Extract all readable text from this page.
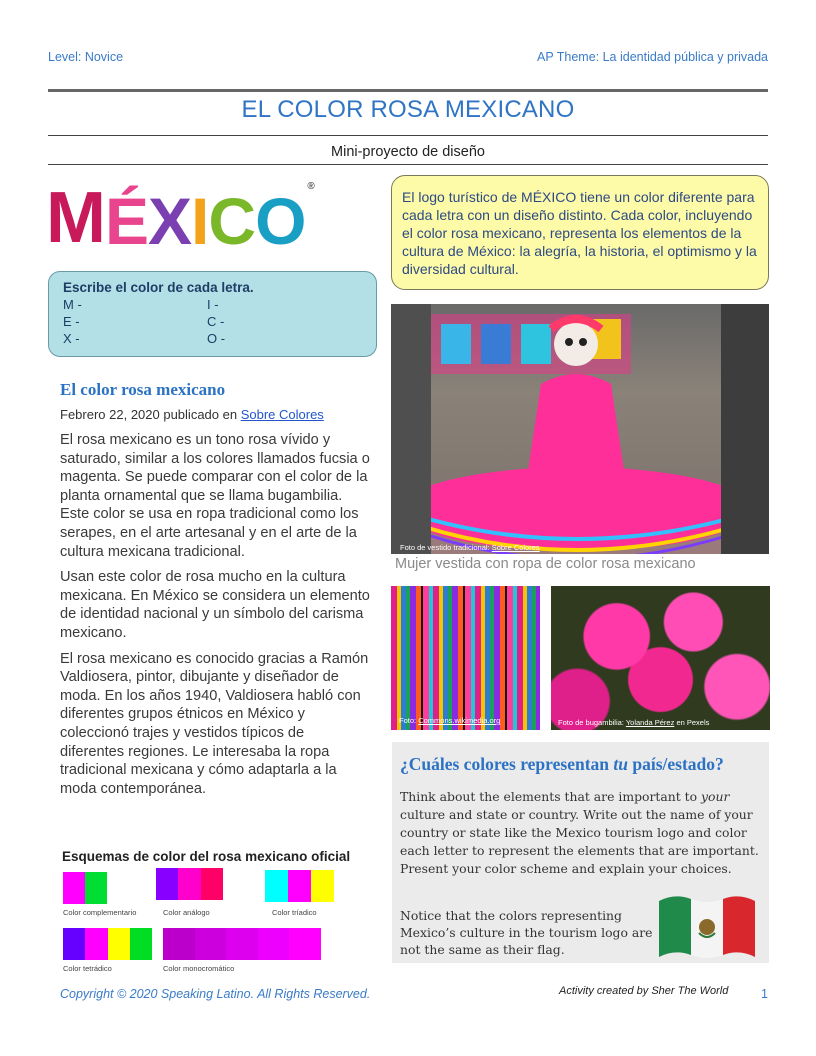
Level: Novice	AP Theme: La identidad pública y privada
EL COLOR ROSA MEXICANO
Mini-proyecto de diseño
M É X I C O ®
Escribe el color de cada letra.
M -	I -
E -	C -
X -	O -
El logo turístico de MÉXICO tiene un color diferente para cada letra con un diseño distinto. Cada color, incluyendo el color rosa mexicano, representa los elementos de la cultura de México: la alegría, la historia, el optimismo y la diversidad cultural.
El color rosa mexicano
Febrero 22, 2020 publicado en Sobre Colores

El rosa mexicano es un tono rosa vívido y saturado, similar a los colores llamados fucsia o magenta. Se puede comparar con el color de la planta ornamental que se llama bugambilia. Este color se usa en ropa tradicional como los serapes, en el arte artesanal y en el arte de la cultura mexicana tradicional.

Usan este color de rosa mucho en la cultura mexicana. En México se considera un elemento de identidad nacional y un símbolo del carisma mexicano.

El rosa mexicano es conocido gracias a Ramón Valdiosera, pintor, dibujante y diseñador de moda. En los años 1940, Valdiosera habló con diferentes grupos étnicos en México y coleccionó trajes y vestidos típicos de diferentes regiones. Le interesaba la ropa tradicional mexicana y cómo adaptarla a la moda contemporánea.

Esquemas de color del rosa mexicano oficial
Color complementario	Color análogo	Color tríadico
Color tetrádico	Color monocromático
Foto de vestido tradicional: Sobre Colores
Mujer vestida con ropa de color rosa mexicano
Foto: Commons.wikimedia.org	Foto de bugambilia: Yolanda Pérez en Pexels
¿Cuáles colores representan tu país/estado?
Think about the elements that are important to your culture and state or country. Write out the name of your country or state like the Mexico tourism logo and color each letter to represent the elements that are important. Present your color scheme and explain your choices.
Notice that the colors representing Mexico’s culture in the tourism logo are not the same as their flag.
Copyright © 2020 Speaking Latino. All Rights Reserved.	Activity created by Sher The World	1
